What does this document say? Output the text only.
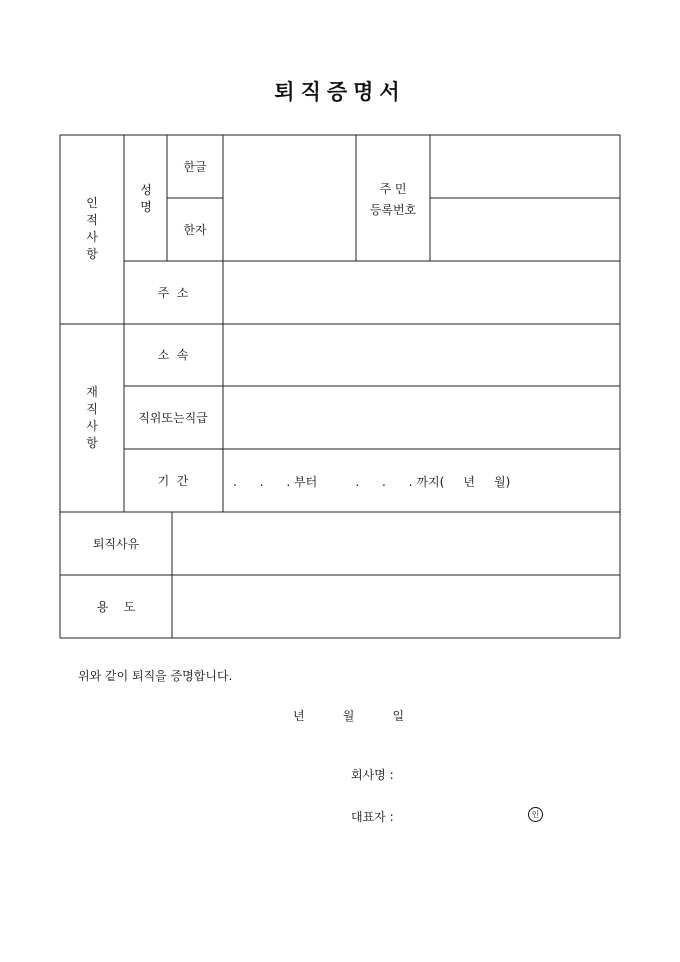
퇴직증명서
인적사항
성명
한글
한자
주 민
등록번호
주  소
재직사항
소  속
직위또는직급
기  간	.      .      . 부터          .      .      . 까지(     년     월)
퇴직사유
용    도
위와 같이 퇴직을 증명합니다.
년          월          일
회사명 :
대표자 :	인
